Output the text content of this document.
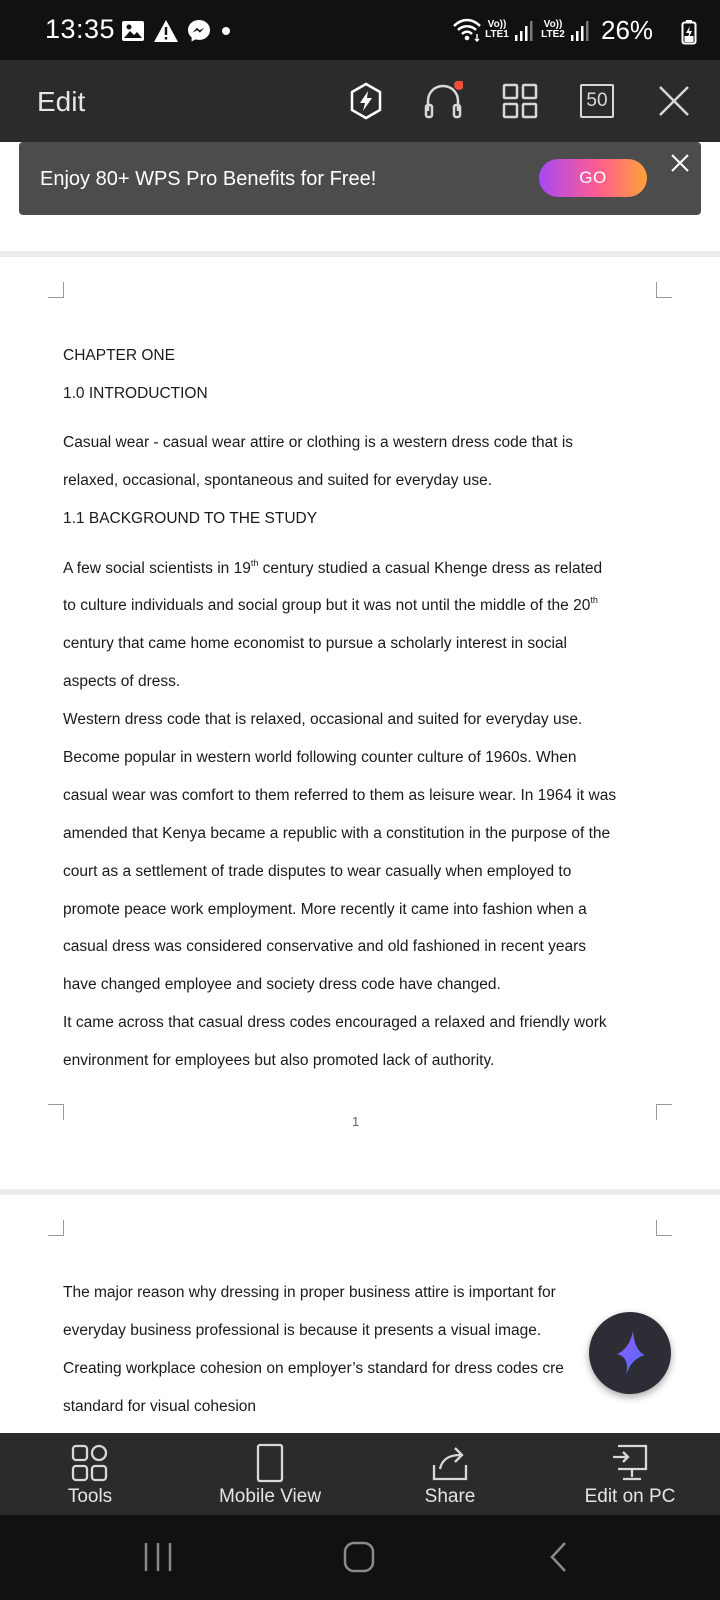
13:35	Vo))
LTE1
Vo))
LTE2 26%
Edit	50
CHAPTER ONE
1.0 INTRODUCTION
Casual wear - casual wear attire or clothing is a western dress code that is
relaxed, occasional, spontaneous and suited for everyday use.
1.1 BACKGROUND TO THE STUDY
A few social scientists in 19th century studied a casual Khenge dress as related
to culture individuals and social group but it was not until the middle of the 20th
century that came home economist to pursue a scholarly interest in social
aspects of dress.
Western dress code that is relaxed, occasional and suited for everyday use.
Become popular in western world following counter culture of 1960s. When
casual wear was comfort to them referred to them as leisure wear. In 1964 it was
amended that Kenya became a republic with a constitution in the purpose of the
court as a settlement of trade disputes to wear casually when employed to
promote peace work employment. More recently it came into fashion when a
casual dress was considered conservative and old fashioned in recent years
have changed employee and society dress code have changed.
It came across that casual dress codes encouraged a relaxed and friendly work
environment for employees but also promoted lack of authority.
1
The major reason why dressing in proper business attire is important for
everyday business professional is because it presents a visual image.
Creating workplace cohesion on employer’s standard for dress codes cre
standard for visual cohesion
Enjoy 80+ WPS Pro Benefits for Free!	GO
Tools	Mobile View	Share	Edit on PC
